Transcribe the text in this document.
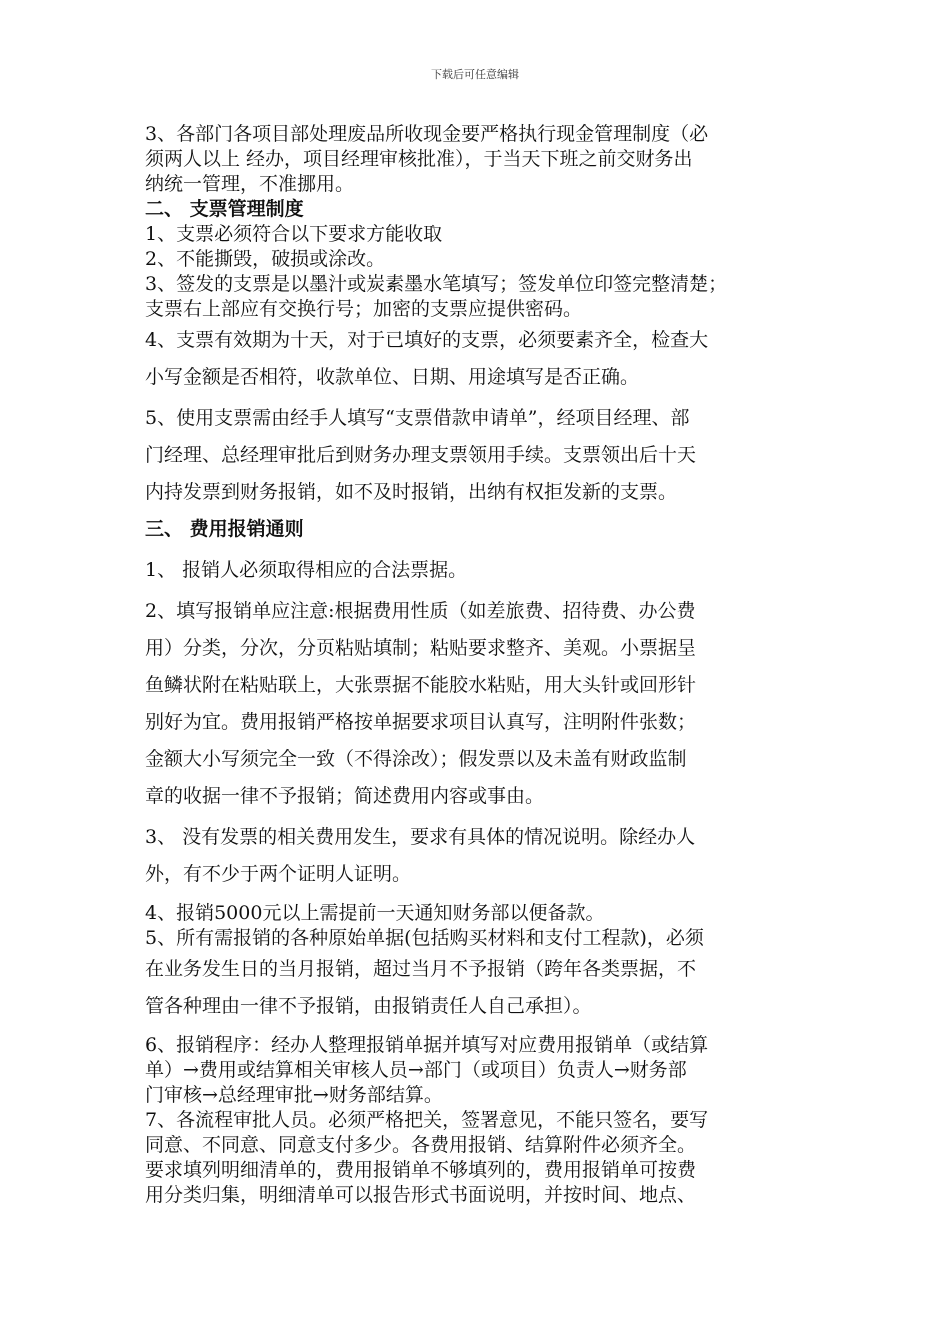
下载后可任意编辑
3、各部门各项目部处理废品所收现金要严格执行现金管理制度（必
须两人以上 经办，项目经理审核批准），于当天下班之前交财务出
纳统一管理，不准挪用。
二、 支票管理制度
1、支票必须符合以下要求方能收取
2、不能撕毁，破损或涂改。
3、签发的支票是以墨汁或炭素墨水笔填写；签发单位印签完整清楚；
支票右上部应有交换行号；加密的支票应提供密码。
4、支票有效期为十天，对于已填好的支票，必须要素齐全，检查大
小写金额是否相符，收款单位、日期、用途填写是否正确。
5、使用支票需由经手人填写“支票借款申请单”，经项目经理、部
门经理、总经理审批后到财务办理支票领用手续。支票领出后十天
内持发票到财务报销，如不及时报销，出纳有权拒发新的支票。
三、 费用报销通则
1、 报销人必须取得相应的合法票据。
2、填写报销单应注意:根据费用性质（如差旅费、招待费、办公费
用）分类，分次，分页粘贴填制；粘贴要求整齐、美观。小票据呈
鱼鳞状附在粘贴联上，大张票据不能胶水粘贴，用大头针或回形针
别好为宜。费用报销严格按单据要求项目认真写，注明附件张数；
金额大小写须完全一致（不得涂改）；假发票以及未盖有财政监制
章的收据一律不予报销；简述费用内容或事由。
3、 没有发票的相关费用发生，要求有具体的情况说明。除经办人
外，有不少于两个证明人证明。
4、报销5000元以上需提前一天通知财务部以便备款。
5、所有需报销的各种原始单据(包括购买材料和支付工程款)，必须
在业务发生日的当月报销，超过当月不予报销（跨年各类票据，不
管各种理由一律不予报销，由报销责任人自己承担）。
6、报销程序：经办人整理报销单据并填写对应费用报销单（或结算
单）→费用或结算相关审核人员→部门（或项目）负责人→财务部
门审核→总经理审批→财务部结算。
7、各流程审批人员。必须严格把关，签署意见，不能只签名，要写
同意、不同意、同意支付多少。各费用报销、结算附件必须齐全。
要求填列明细清单的，费用报销单不够填列的，费用报销单可按费
用分类归集，明细清单可以报告形式书面说明，并按时间、地点、
